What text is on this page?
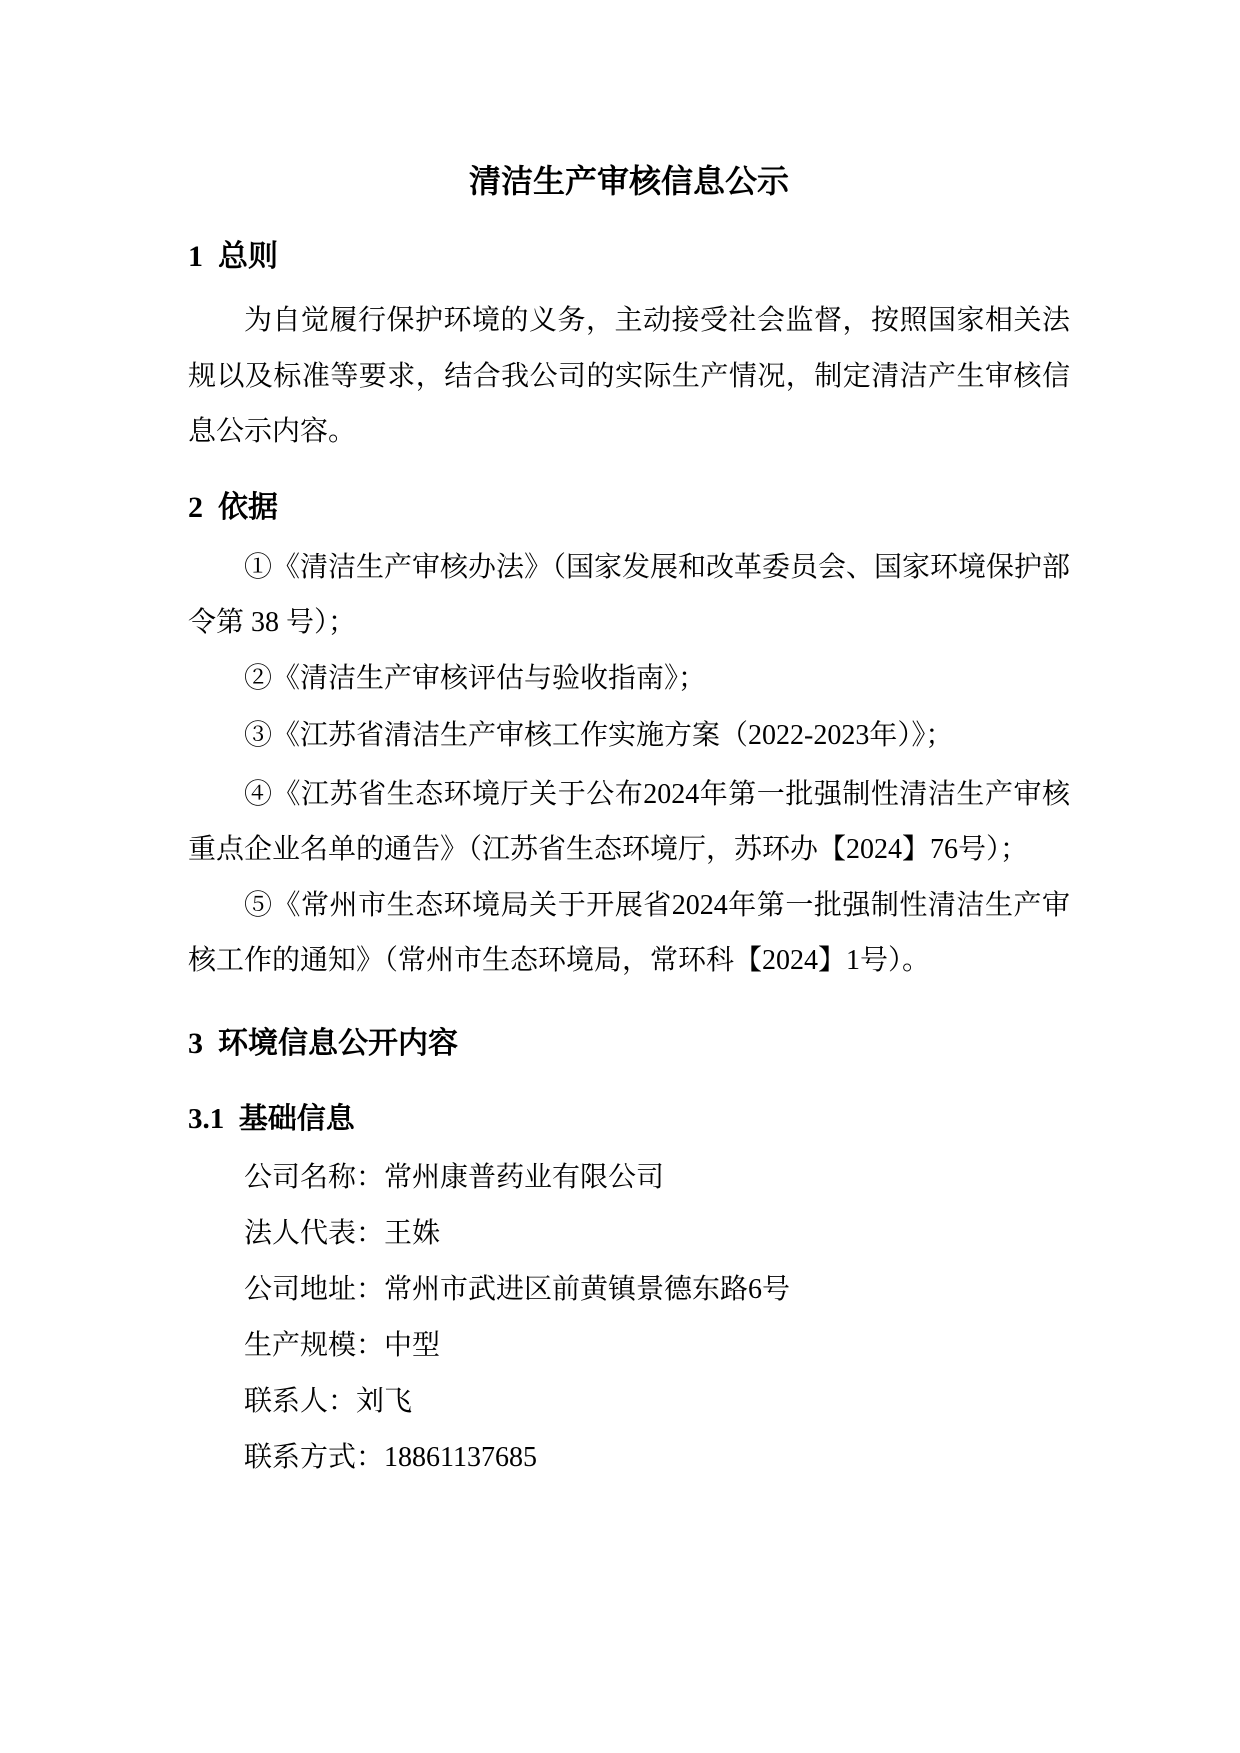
清洁生产审核信息公示
1  总则

为自觉履行保护环境的义务，主动接受社会监督，按照国家相关法规以及标准等要求，结合我公司的实际生产情况，制定清洁产生审核信息公示内容。

2  依据

①《清洁生产审核办法》（国家发展和改革委员会、国家环境保护部令第 38 号）；

②《清洁生产审核评估与验收指南》；

③《江苏省清洁生产审核工作实施方案（2022-2023年）》；

④《江苏省生态环境厅关于公布2024年第一批强制性清洁生产审核重点企业名单的通告》（江苏省生态环境厅，苏环办【2024】76号）；

⑤《常州市生态环境局关于开展省2024年第一批强制性清洁生产审核工作的通知》（常州市生态环境局，常环科【2024】1号）。

3  环境信息公开内容
3.1  基础信息
公司名称：常州康普药业有限公司
法人代表：王姝
公司地址：常州市武进区前黄镇景德东路6号
生产规模：中型
联系人：刘飞
联系方式：18861137685
